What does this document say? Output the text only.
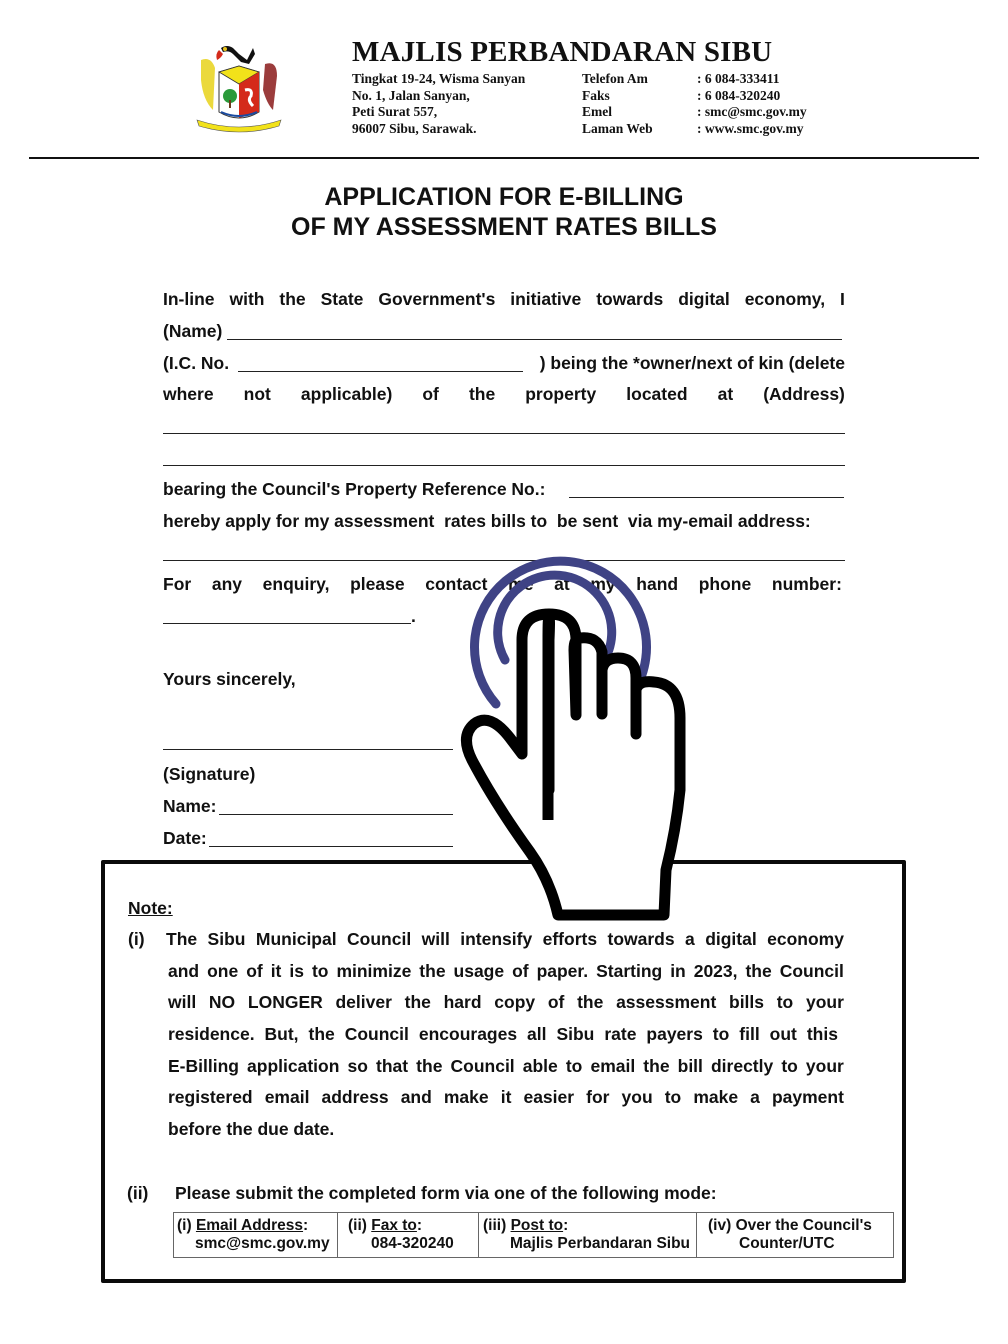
MAJLIS PERBANDARAN SIBU
Tingkat 19-24, Wisma Sanyan
No. 1, Jalan Sanyan,
Peti Surat 557,
96007 Sibu, Sarawak.
Telefon Am
Faks
Emel
Laman Web
: 6 084-333411
: 6 084-320240
: smc@smc.gov.my
: www.smc.gov.my
APPLICATION FOR E-BILLING
OF MY ASSESSMENT RATES BILLS
In-line with the State Government's initiative towards digital economy, I
(Name)
(I.C. No.	) being the *owner/next of kin (delete
where not applicable) of the property located at (Address)
bearing the Council's Property Reference No.:
hereby apply for my assessment  rates bills to  be sent  via my-email address:
For any enquiry, please contact me at my hand phone number:
.
Yours sincerely,
(Signature)
Name:
Date:
Note:
(i) The Sibu Municipal Council will intensify efforts towards a digital economy
and one of it is to minimize the usage of paper. Starting in 2023, the Council
will NO LONGER deliver the hard copy of the assessment bills to your
residence. But, the Council encourages all Sibu rate payers to fill out this
E-Billing application so that the Council able to email the bill directly to your
registered email address and make it easier for you to make a payment
before the due date.
(ii) Please submit the completed form via one of the following mode:
(i) Email Address:
smc@smc.gov.my
(ii) Fax to:
084-320240
(iii) Post to:
Majlis Perbandaran Sibu
(iv) Over the Council's
Counter/UTC
